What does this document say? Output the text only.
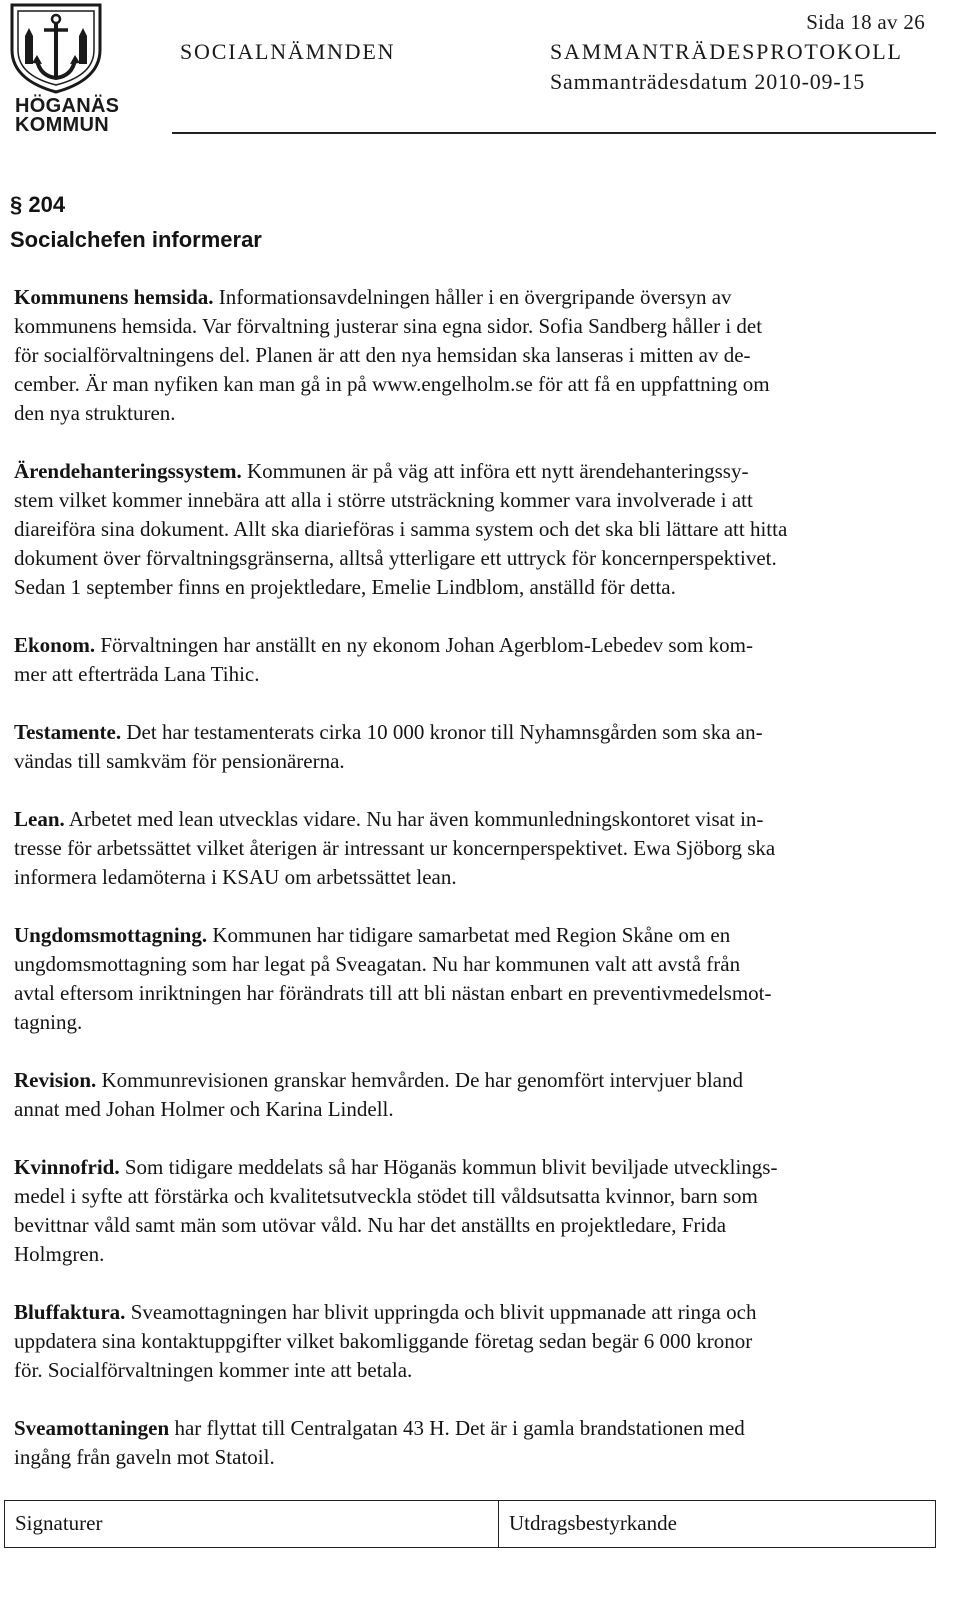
HÖGANÄS
KOMMUN
Sida 18 av 26
SOCIALNÄMNDEN	SAMMANTRÄDESPROTOKOLL
Sammanträdesdatum 2010-09-15
§ 204
Socialchefen informerar
Kommunens hemsida. Informationsavdelningen håller i en övergripande översyn av
kommunens hemsida. Var förvaltning justerar sina egna sidor. Sofia Sandberg håller i det
för socialförvaltningens del. Planen är att den nya hemsidan ska lanseras i mitten av de-
cember. Är man nyfiken kan man gå in på www.engelholm.se för att få en uppfattning om
den nya strukturen.
Ärendehanteringssystem. Kommunen är på väg att införa ett nytt ärendehanteringssy-
stem vilket kommer innebära att alla i större utsträckning kommer vara involverade i att
diareiföra sina dokument. Allt ska diarieföras i samma system och det ska bli lättare att hitta
dokument över förvaltningsgränserna, alltså ytterligare ett uttryck för koncernperspektivet.
Sedan 1 september finns en projektledare, Emelie Lindblom, anställd för detta.
Ekonom. Förvaltningen har anställt en ny ekonom Johan Agerblom-Lebedev som kom-
mer att efterträda Lana Tihic.
Testamente. Det har testamenterats cirka 10 000 kronor till Nyhamnsgården som ska an-
vändas till samkväm för pensionärerna.
Lean. Arbetet med lean utvecklas vidare. Nu har även kommunledningskontoret visat in-
tresse för arbetssättet vilket återigen är intressant ur koncernperspektivet. Ewa Sjöborg ska
informera ledamöterna i KSAU om arbetssättet lean.
Ungdomsmottagning. Kommunen har tidigare samarbetat med Region Skåne om en
ungdomsmottagning som har legat på Sveagatan. Nu har kommunen valt att avstå från
avtal eftersom inriktningen har förändrats till att bli nästan enbart en preventivmedelsmot-
tagning.
Revision. Kommunrevisionen granskar hemvården. De har genomfört intervjuer bland
annat med Johan Holmer och Karina Lindell.
Kvinnofrid. Som tidigare meddelats så har Höganäs kommun blivit beviljade utvecklings-
medel i syfte att förstärka och kvalitetsutveckla stödet till våldsutsatta kvinnor, barn som
bevittnar våld samt män som utövar våld. Nu har det anställts en projektledare, Frida
Holmgren.
Bluffaktura. Sveamottagningen har blivit uppringda och blivit uppmanade att ringa och
uppdatera sina kontaktuppgifter vilket bakomliggande företag sedan begär 6 000 kronor
för. Socialförvaltningen kommer inte att betala.
Sveamottaningen har flyttat till Centralgatan 43 H. Det är i gamla brandstationen med
ingång från gaveln mot Statoil.
Signaturer	Utdragsbestyrkande
